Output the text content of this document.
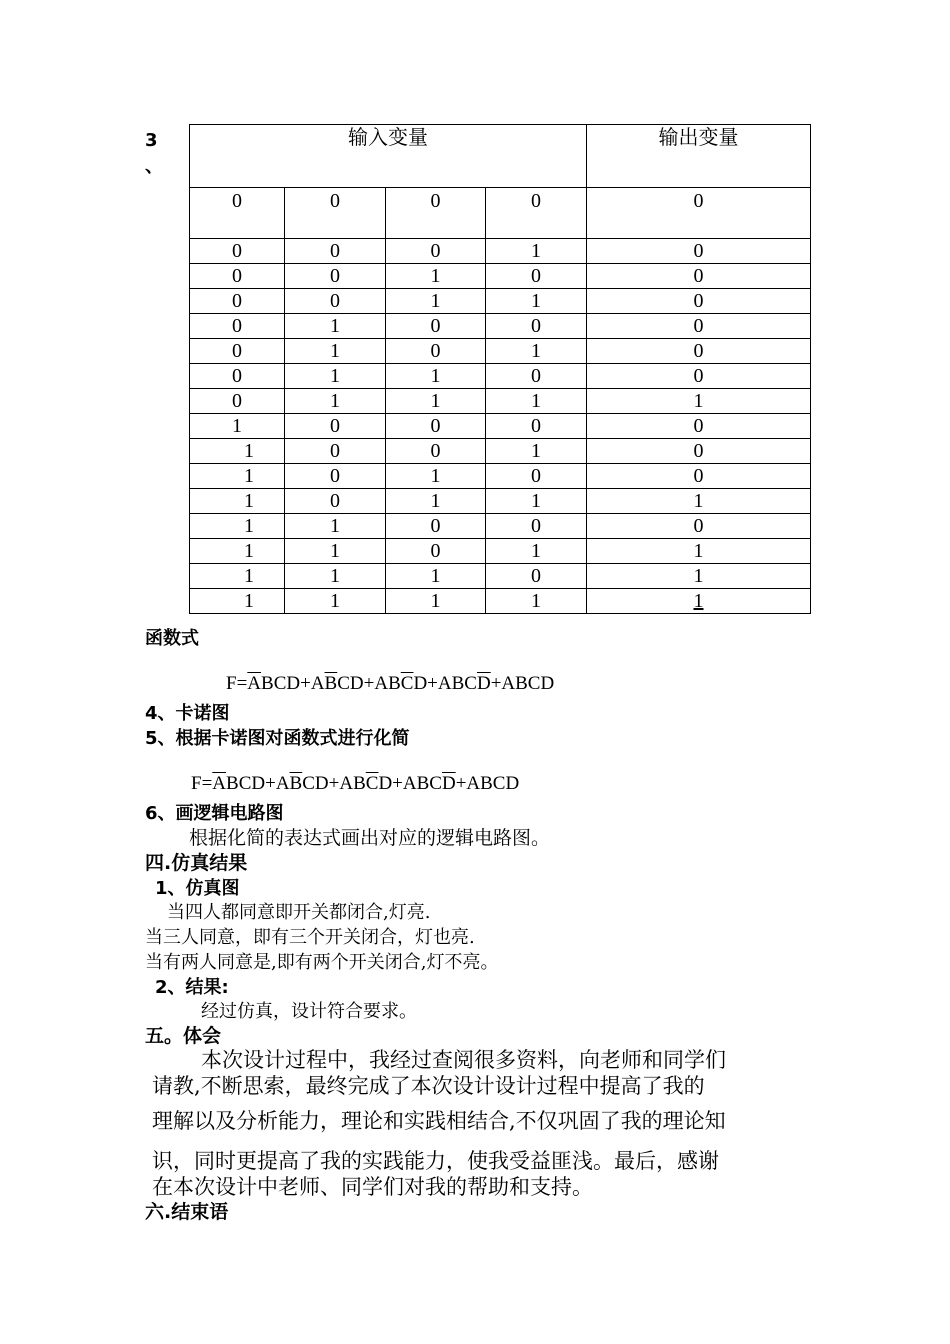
3
、
输入变量	输出变量
0	0	0	0	0
0	0	0	1	0
0	0	1	0	0
0	0	1	1	0
0	1	0	0	0
0	1	0	1	0
0	1	1	0	0
0	1	1	1	1
1	0	0	0	0
1	0	0	1	0
1	0	1	0	0
1	0	1	1	1
1	1	0	0	0
1	1	0	1	1
1	1	1	0	1
1	1	1	1	1
函数式
$F=\overline{A}BCD+A\overline{B}CD+AB\overline{C}D+ABC\overline{D}+ABCD$
4、卡诺图
5、根据卡诺图对函数式进行化简
$F=\overline{A}BCD+A\overline{B}CD+AB\overline{C}D+ABC\overline{D}+ABCD$
6、画逻辑电路图
根据化简的表达式画出对应的逻辑电路图。
四.仿真结果
1、仿真图
当四人都同意即开关都闭合,灯亮.
当三人同意，即有三个开关闭合，灯也亮.
当有两人同意是,即有两个开关闭合,灯不亮。
2、结果:
经过仿真，设计符合要求。
五。体会
本次设计过程中，我经过查阅很多资料，向老师和同学们
请教,不断思索，最终完成了本次设计设计过程中提高了我的
理解以及分析能力，理论和实践相结合,不仅巩固了我的理论知
识，同时更提高了我的实践能力，使我受益匪浅。最后，感谢
在本次设计中老师、同学们对我的帮助和支持。
六.结束语
